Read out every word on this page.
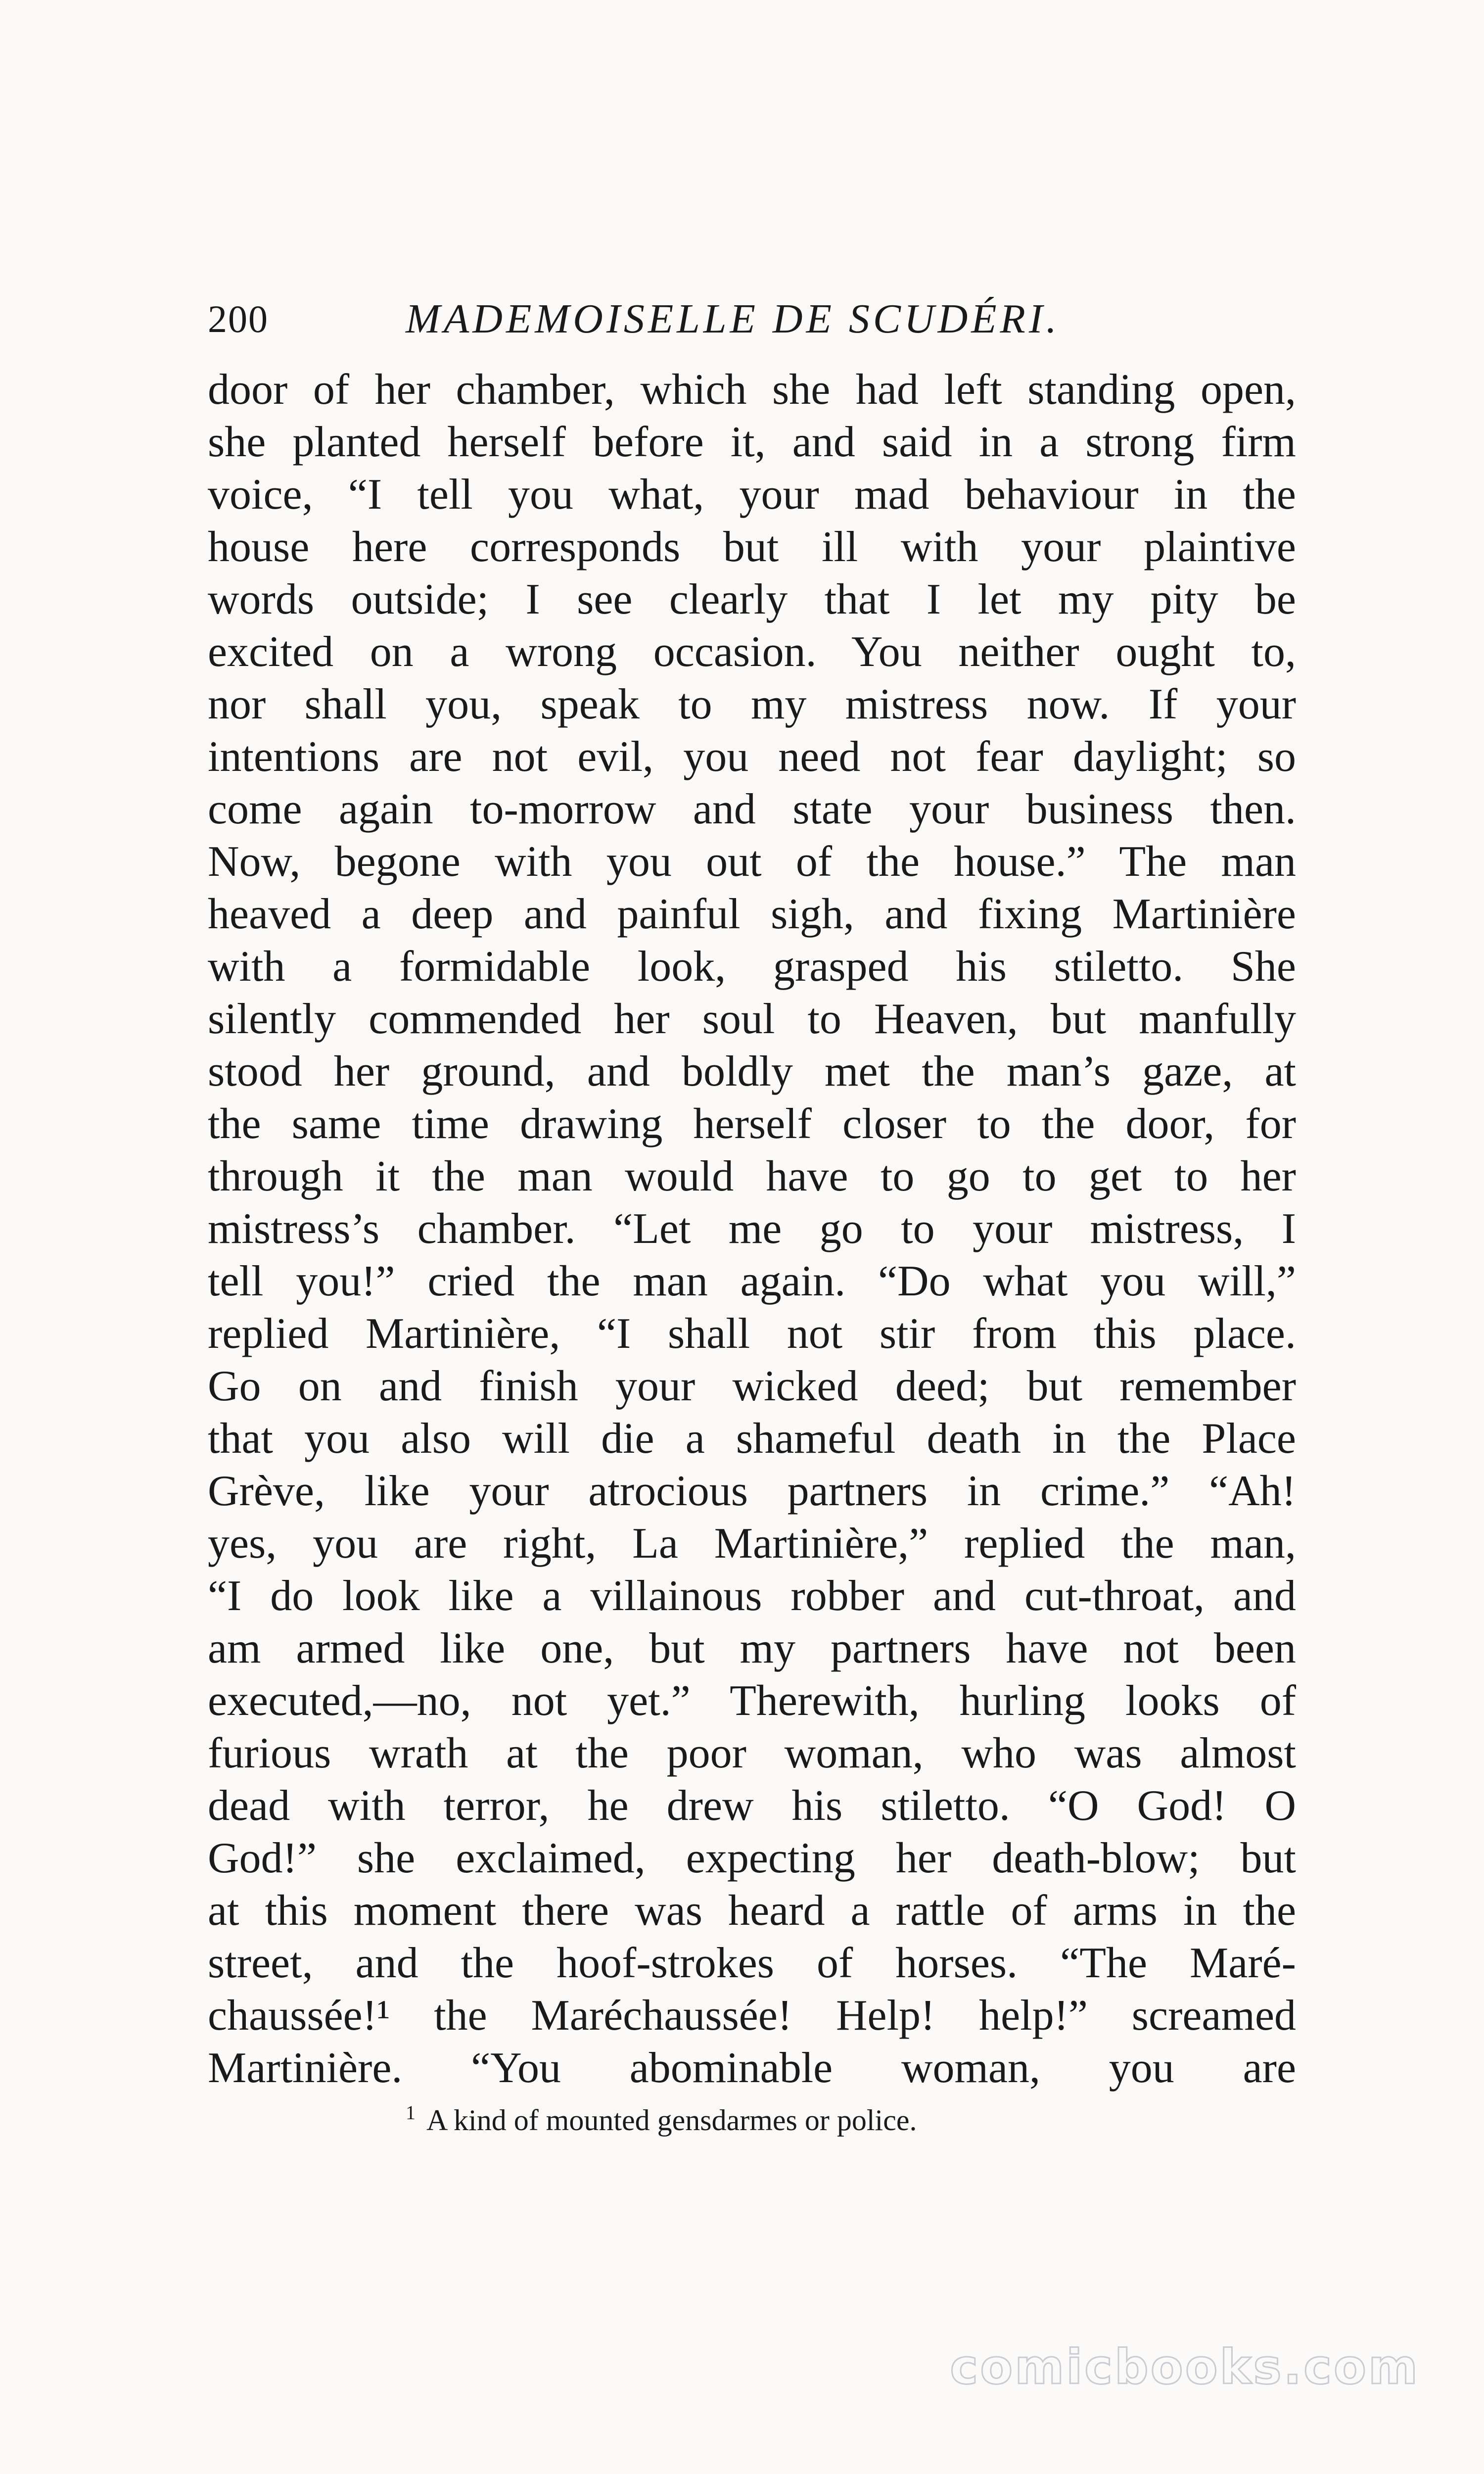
200	MADEMOISELLE DE SCUDÉRI.
door of her chamber, which she had left standing open,
she planted herself before it, and said in a strong firm
voice, “I tell you what, your mad behaviour in the
house here corresponds but ill with your plaintive
words outside; I see clearly that I let my pity be
excited on a wrong occasion. You neither ought to,
nor shall you, speak to my mistress now. If your
intentions are not evil, you need not fear daylight; so
come again to-morrow and state your business then.
Now, begone with you out of the house.” The man
heaved a deep and painful sigh, and fixing Martinière
with a formidable look, grasped his stiletto. She
silently commended her soul to Heaven, but manfully
stood her ground, and boldly met the man’s gaze, at
the same time drawing herself closer to the door, for
through it the man would have to go to get to her
mistress’s chamber. “Let me go to your mistress, I
tell you!” cried the man again. “Do what you will,”
replied Martinière, “I shall not stir from this place.
Go on and finish your wicked deed; but remember
that you also will die a shameful death in the Place
Grève, like your atrocious partners in crime.” “Ah!
yes, you are right, La Martinière,” replied the man,
“I do look like a villainous robber and cut-throat, and
am armed like one, but my partners have not been
executed,—no, not yet.” Therewith, hurling looks of
furious wrath at the poor woman, who was almost
dead with terror, he drew his stiletto. “O God! O
God!” she exclaimed, expecting her death-blow; but
at this moment there was heard a rattle of arms in the
street, and the hoof-strokes of horses. “The Maré-
chaussée!¹ the Maréchaussée! Help! help!” screamed
Martinière. “You abominable woman, you are
$^1$ A kind of mounted gensdarmes or police.
comicbooks.com
